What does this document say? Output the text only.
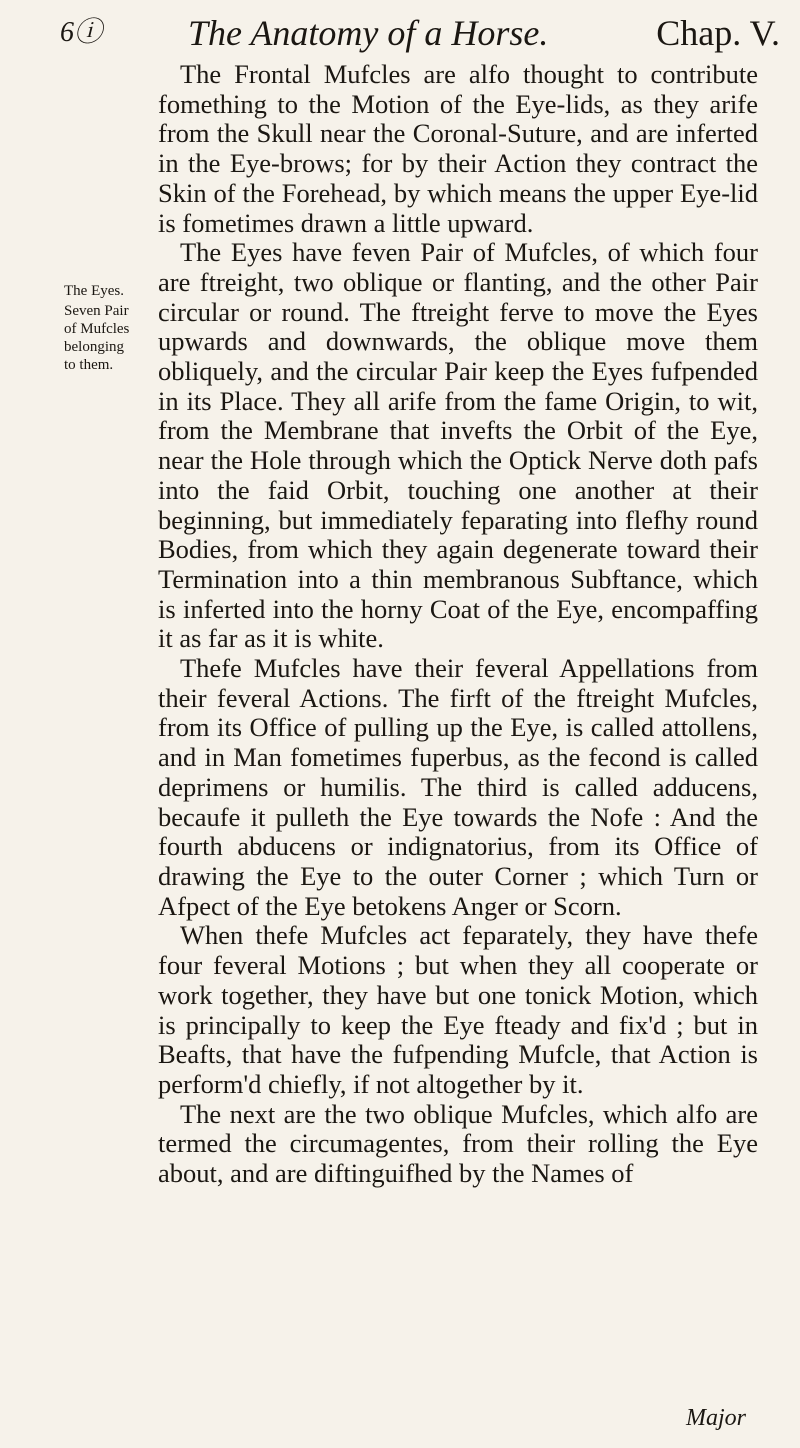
6ⓘ The Anatomy of a Horse.	Chap. V.

The Eyes.

Seven Pair

of Mufcles

belonging

to them.

The Frontal Mufcles are alfo thought to contribute fomething to the Motion of the Eye-lids, as they arife from the Skull near the Coronal-Suture, and are inferted in the Eye-brows; for by their Action they contract the Skin of the Forehead, by which means the upper Eye-lid is fometimes drawn a little upward.

The Eyes have feven Pair of Mufcles, of which four are ftreight, two oblique or flanting, and the other Pair circular or round. The ftreight ferve to move the Eyes upwards and downwards, the oblique move them obliquely, and the circular Pair keep the Eyes fufpended in its Place. They all arife from the fame Origin, to wit, from the Membrane that invefts the Orbit of the Eye, near the Hole through which the Optick Nerve doth pafs into the faid Orbit, touching one another at their beginning, but immediately feparating into flefhy round Bodies, from which they again degenerate toward their Termination into a thin membranous Subftance, which is inferted into the horny Coat of the Eye, encompaffing it as far as it is white.

Thefe Mufcles have their feveral Appellations from their feveral Actions. The firft of the ftreight Mufcles, from its Office of pulling up the Eye, is called attollens, and in Man fometimes fuperbus, as the fecond is called deprimens or humilis. The third is called adducens, becaufe it pulleth the Eye towards the Nofe : And the fourth abducens or indignatorius, from its Office of drawing the Eye to the outer Corner ; which Turn or Afpect of the Eye betokens Anger or Scorn.

When thefe Mufcles act feparately, they have thefe four feveral Motions ; but when they all cooperate or work together, they have but one tonick Motion, which is principally to keep the Eye fteady and fix'd ; but in Beafts, that have the fufpending Mufcle, that Action is perform'd chiefly, if not altogether by it.

The next are the two oblique Mufcles, which alfo are termed the circumagentes, from their rolling the Eye about, and are diftinguifhed by the Names of

Major
